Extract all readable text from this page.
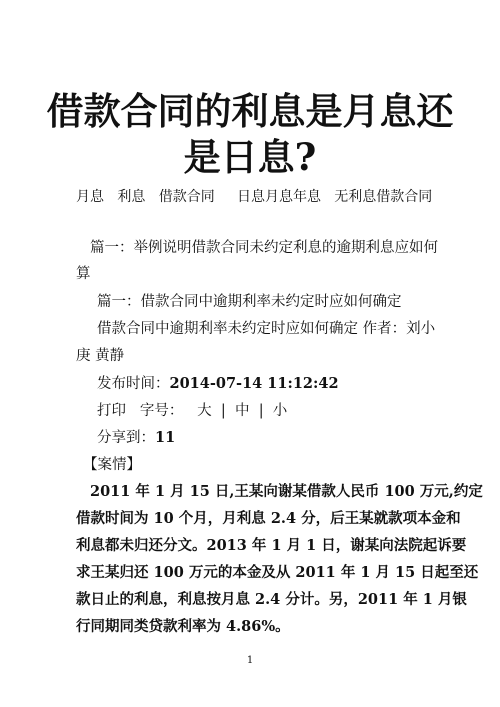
借款合同的利息是月息还
是日息?
月息   利息   借款合同     日息月息年息   无利息借款合同
篇一：举例说明借款合同未约定利息的逾期利息应如何
算
篇一：借款合同中逾期利率未约定时应如何确定
借款合同中逾期利率未约定时应如何确定 作者：刘小
庚 黄静
发布时间：2014-07-14 11:12:42
打印   字号：   大  |  中  |  小
分享到：11
【案情】
2011 年 1 月 15 日,王某向谢某借款人民币 100 万元,约定
借款时间为 10 个月，月利息 2.4 分，后王某就款项本金和
利息都未归还分文。2013 年 1 月 1 日，谢某向法院起诉要
求王某归还 100 万元的本金及从 2011 年 1 月 15 日起至还
款日止的利息，利息按月息 2.4 分计。另，2011 年 1 月银
行同期同类贷款利率为 4.86%。
1
